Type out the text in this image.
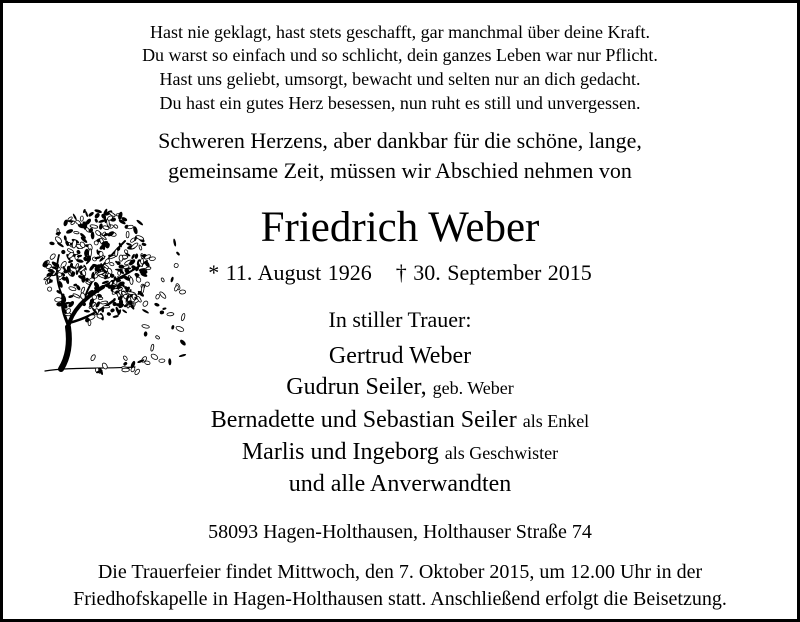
Hast nie geklagt, hast stets geschafft, gar manchmal über deine Kraft.
Du warst so einfach und so schlicht, dein ganzes Leben war nur Pflicht.
Hast uns geliebt, umsorgt, bewacht und selten nur an dich gedacht.
Du hast ein gutes Herz besessen, nun ruht es still und unvergessen.
Schweren Herzens, aber dankbar für die schöne, lange,
gemeinsame Zeit, müssen wir Abschied nehmen von
Friedrich Weber
* 11. August 1926 † 30. September 2015
In stiller Trauer:
Gertrud Weber
Gudrun Seiler, geb. Weber
Bernadette und Sebastian Seiler als Enkel
Marlis und Ingeborg als Geschwister
und alle Anverwandten
58093 Hagen-Holthausen, Holthauser Straße 74
Die Trauerfeier findet Mittwoch, den 7. Oktober 2015, um 12.00 Uhr in der
Friedhofskapelle in Hagen-Holthausen statt. Anschließend erfolgt die Beisetzung.
